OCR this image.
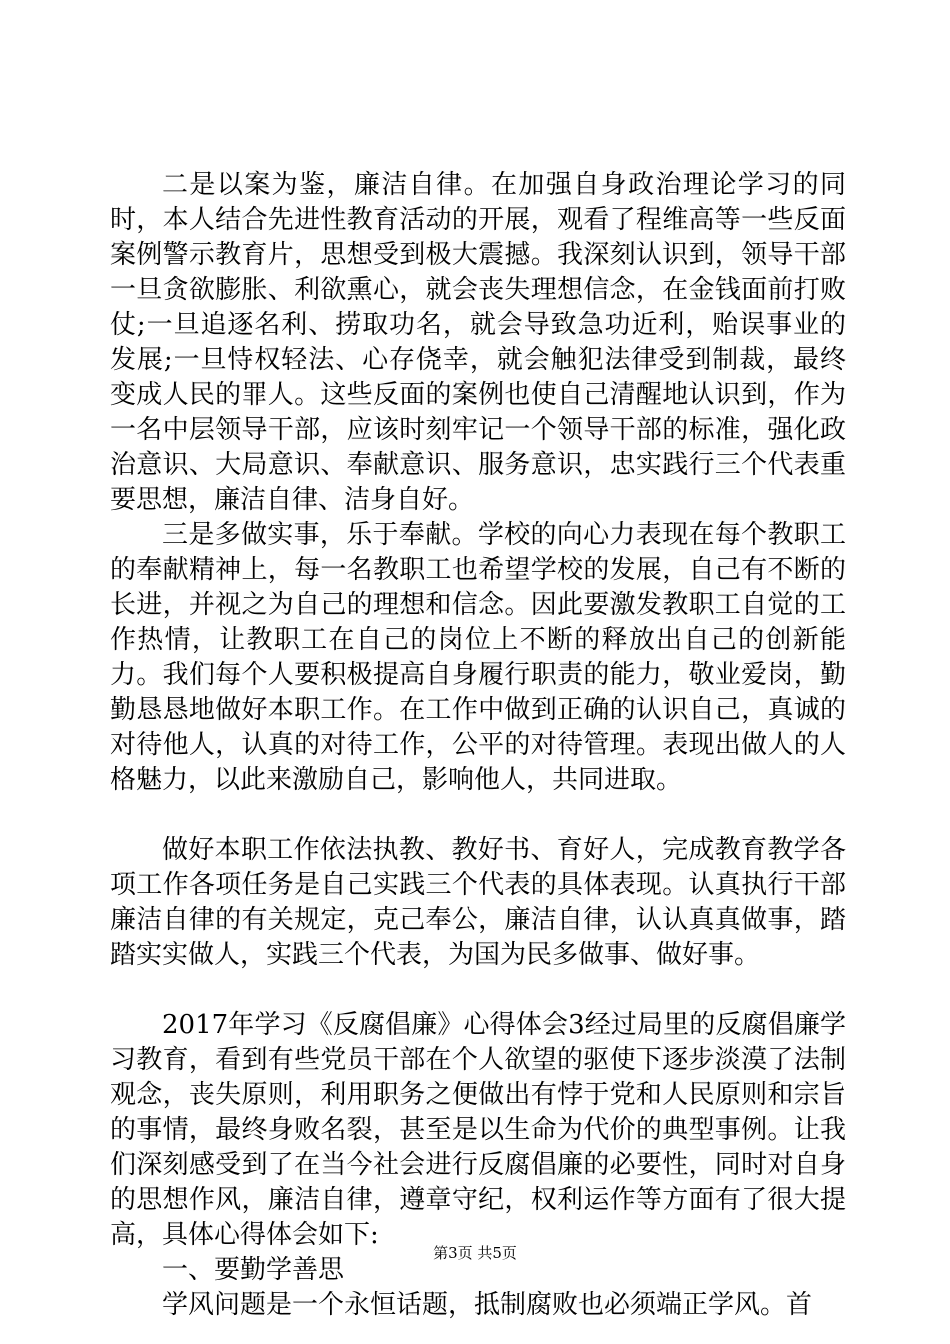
二是以案为鉴，廉洁自律。在加强自身政治理论学习的同时，本人结合先进性教育活动的开展，观看了程维高等一些反面案例警示教育片，思想受到极大震撼。我深刻认识到，领导干部一旦贪欲膨胀、利欲熏心，就会丧失理想信念，在金钱面前打败仗;一旦追逐名利、捞取功名，就会导致急功近利，贻误事业的发展;一旦恃权轻法、心存侥幸，就会触犯法律受到制裁，最终变成人民的罪人。这些反面的案例也使自己清醒地认识到，作为一名中层领导干部，应该时刻牢记一个领导干部的标准，强化政治意识、大局意识、奉献意识、服务意识，忠实践行三个代表重要思想，廉洁自律、洁身自好。

三是多做实事，乐于奉献。学校的向心力表现在每个教职工的奉献精神上，每一名教职工也希望学校的发展，自己有不断的长进，并视之为自己的理想和信念。因此要激发教职工自觉的工作热情，让教职工在自己的岗位上不断的释放出自己的创新能力。我们每个人要积极提高自身履行职责的能力，敬业爱岗，勤勤恳恳地做好本职工作。在工作中做到正确的认识自己，真诚的对待他人，认真的对待工作，公平的对待管理。表现出做人的人格魅力，以此来激励自己，影响他人，共同进取。

做好本职工作依法执教、教好书、育好人，完成教育教学各项工作各项任务是自己实践三个代表的具体表现。认真执行干部廉洁自律的有关规定，克己奉公，廉洁自律，认认真真做事，踏踏实实做人，实践三个代表，为国为民多做事、做好事。

2017年学习《反腐倡廉》心得体会3经过局里的反腐倡廉学习教育，看到有些党员干部在个人欲望的驱使下逐步淡漠了法制观念，丧失原则，利用职务之便做出有悖于党和人民原则和宗旨的事情，最终身败名裂，甚至是以生命为代价的典型事例。让我们深刻感受到了在当今社会进行反腐倡廉的必要性，同时对自身的思想作风，廉洁自律，遵章守纪，权利运作等方面有了很大提高，具体心得体会如下:

一、要勤学善思

学风问题是一个永恒话题，抵制腐败也必须端正学风。首

第3页 共5页
